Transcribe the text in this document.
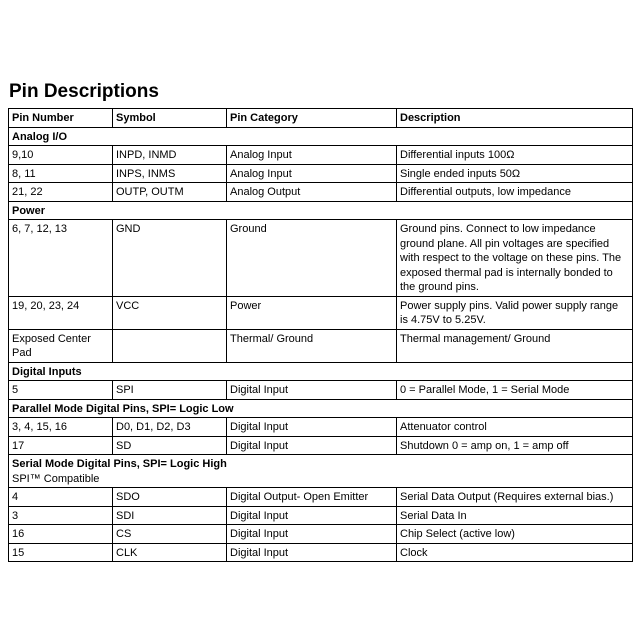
Pin Descriptions
Pin Number	Symbol	Pin Category	Description
Analog I/O			
9,10	INPD, INMD	Analog Input	Differential inputs 100Ω
8, 11	INPS, INMS	Analog Input	Single ended inputs 50Ω
21, 22	OUTP, OUTM	Analog Output	Differential outputs, low impedance
Power			
6, 7, 12, 13	GND	Ground	Ground pins. Connect to low impedance ground plane. All pin voltages are specified with respect to the voltage on these pins. The exposed thermal pad is internally bonded to the ground pins.
19, 20, 23, 24	VCC	Power	Power supply pins. Valid power supply range is 4.75V to 5.25V.
Exposed Center Pad		Thermal/ Ground	Thermal management/ Ground
Digital Inputs			
5	SPI	Digital Input	0 = Parallel Mode, 1 = Serial Mode
Parallel Mode Digital Pins, SPI= Logic Low			
3, 4, 15, 16	D0, D1, D2, D3	Digital Input	Attenuator control
17	SD	Digital Input	Shutdown 0 = amp on, 1 = amp off
Serial Mode Digital Pins, SPI= Logic High
SPI™ Compatible			

4	SDO	Digital Output- Open Emitter	Serial Data Output (Requires external bias.)
3	SDI	Digital Input	Serial Data In
16	CS	Digital Input	Chip Select (active low)
15	CLK	Digital Input	Clock
